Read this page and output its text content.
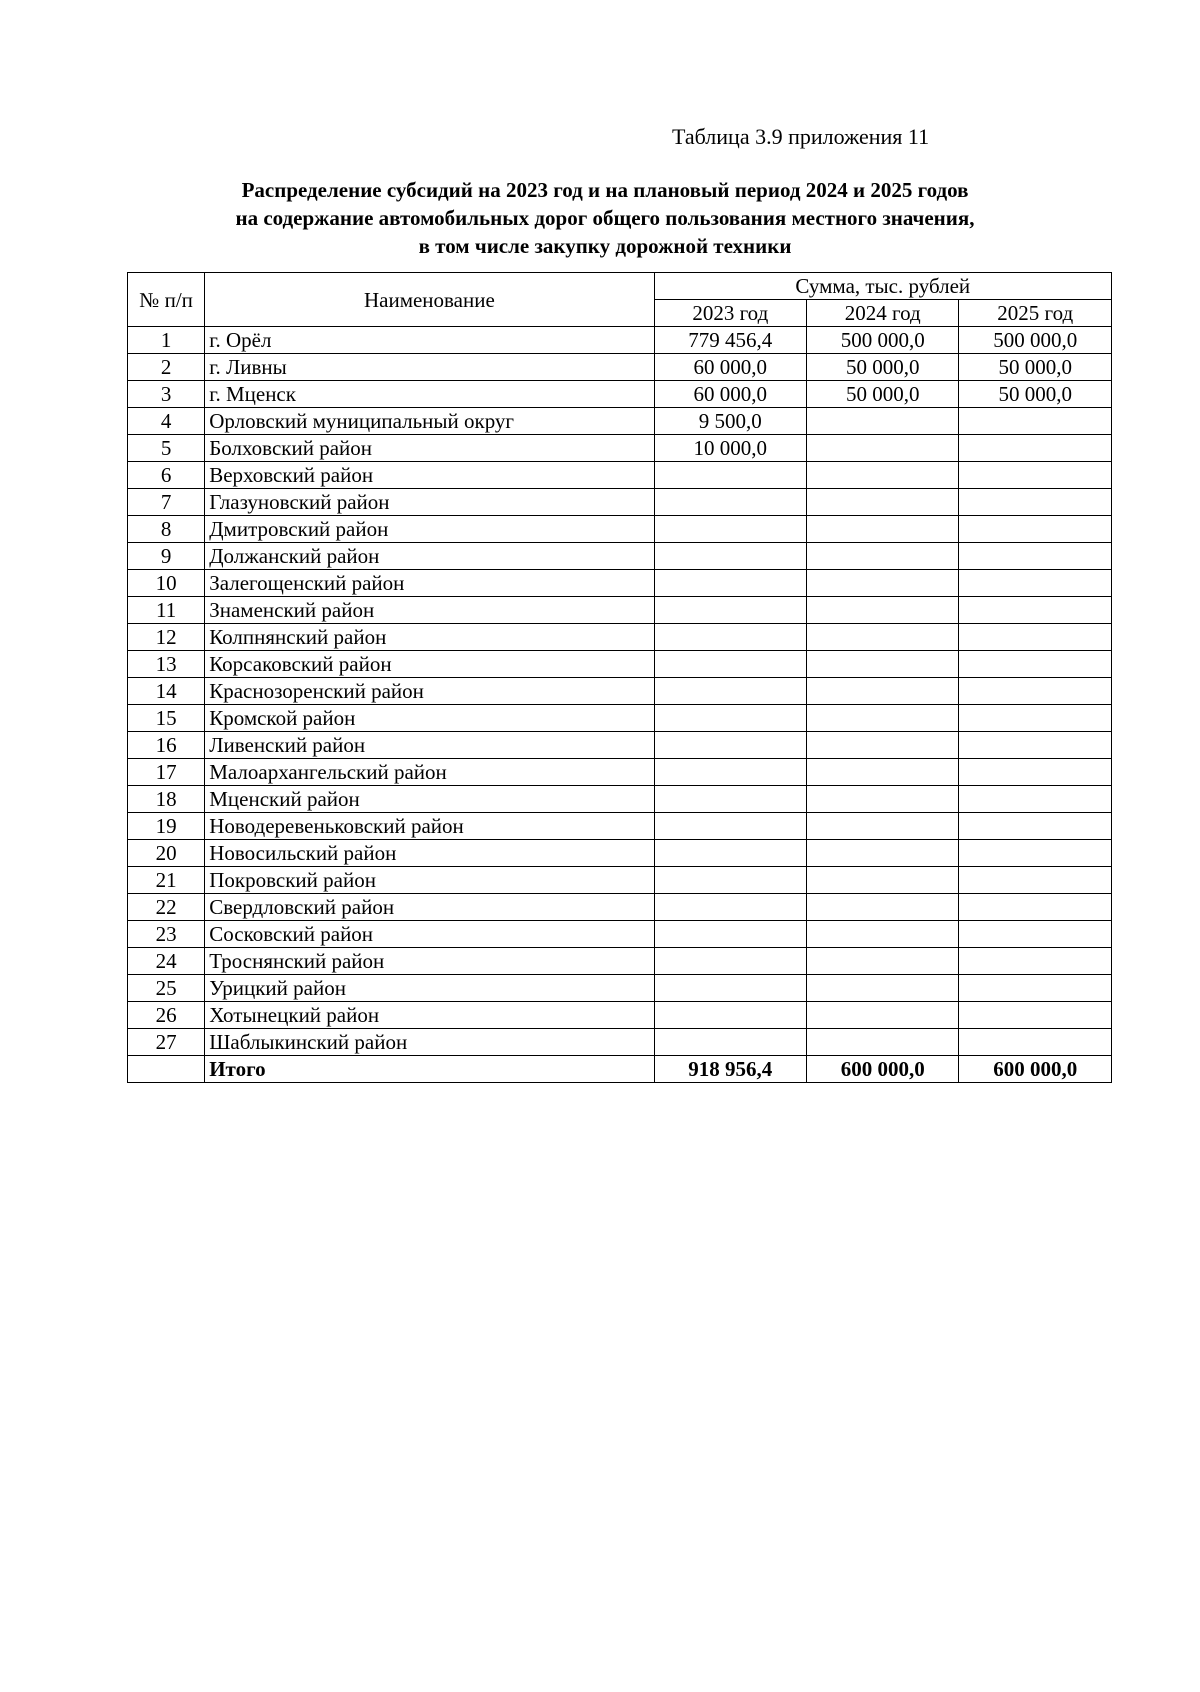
Таблица 3.9 приложения 11
Распределение субсидий на 2023 год и на плановый период 2024 и 2025 годов
на содержание автомобильных дорог общего пользования местного значения,
в том числе закупку дорожной техники
№ п/п	Наименование	Сумма, тыс. рублей		
		2023 год	2024 год	2025 год
1	г. Орёл	779 456,4	500 000,0	500 000,0
2	г. Ливны	60 000,0	50 000,0	50 000,0
3	г. Мценск	60 000,0	50 000,0	50 000,0
4	Орловский муниципальный округ	9 500,0		
5	Болховский район	10 000,0		
6	Верховский район			
7	Глазуновский район			
8	Дмитровский район			
9	Должанский район			
10	Залегощенский район			
11	Знаменский район			
12	Колпнянский район			
13	Корсаковский район			
14	Краснозоренский район			
15	Кромской район			
16	Ливенский район			
17	Малоархангельский район			
18	Мценский район			
19	Новодеревеньковский район			
20	Новосильский район			
21	Покровский район			
22	Свердловский район			
23	Сосковский район			
24	Троснянский район			
25	Урицкий район			
26	Хотынецкий район			
27	Шаблыкинский район			
	Итого	918 956,4	600 000,0	600 000,0
